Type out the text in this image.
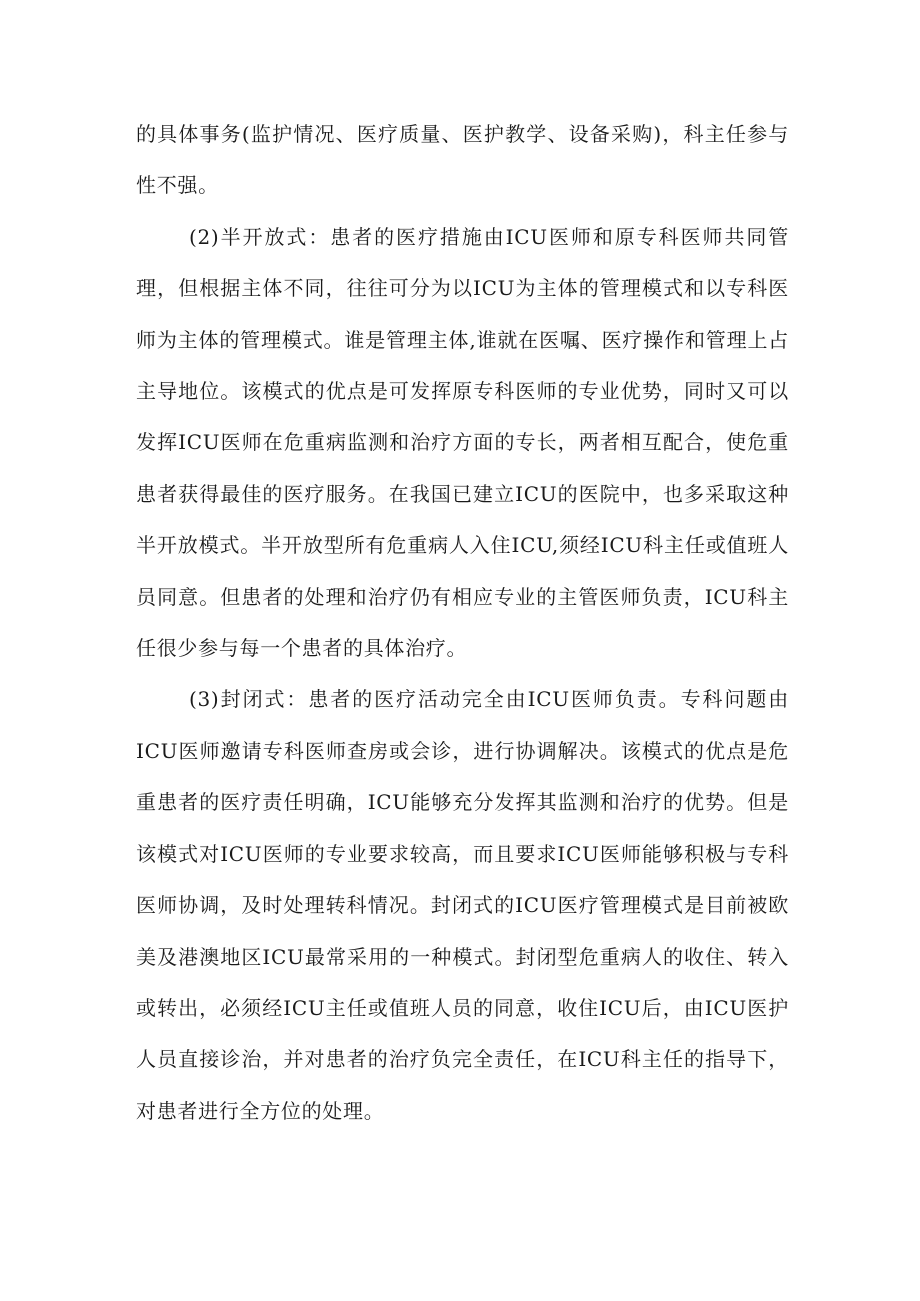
的具体事务(监护情况、医疗质量、医护教学、设备采购)，科主任参与性不强。

(2)半开放式：患者的医疗措施由ICU医师和原专科医师共同管理，但根据主体不同，往往可分为以ICU为主体的管理模式和以专科医师为主体的管理模式。谁是管理主体,谁就在医嘱、医疗操作和管理上占主导地位。该模式的优点是可发挥原专科医师的专业优势，同时又可以发挥ICU医师在危重病监测和治疗方面的专长，两者相互配合，使危重患者获得最佳的医疗服务。在我国已建立ICU的医院中，也多采取这种半开放模式。半开放型所有危重病人入住ICU,须经ICU科主任或值班人员同意。但患者的处理和治疗仍有相应专业的主管医师负责，ICU科主任很少参与每一个患者的具体治疗。

(3)封闭式：患者的医疗活动完全由ICU医师负责。专科问题由ICU医师邀请专科医师查房或会诊，进行协调解决。该模式的优点是危重患者的医疗责任明确，ICU能够充分发挥其监测和治疗的优势。但是该模式对ICU医师的专业要求较高，而且要求ICU医师能够积极与专科医师协调，及时处理转科情况。封闭式的ICU医疗管理模式是目前被欧美及港澳地区ICU最常采用的一种模式。封闭型危重病人的收住、转入或转出，必须经ICU主任或值班人员的同意，收住ICU后，由ICU医护人员直接诊治，并对患者的治疗负完全责任，在ICU科主任的指导下，对患者进行全方位的处理。
